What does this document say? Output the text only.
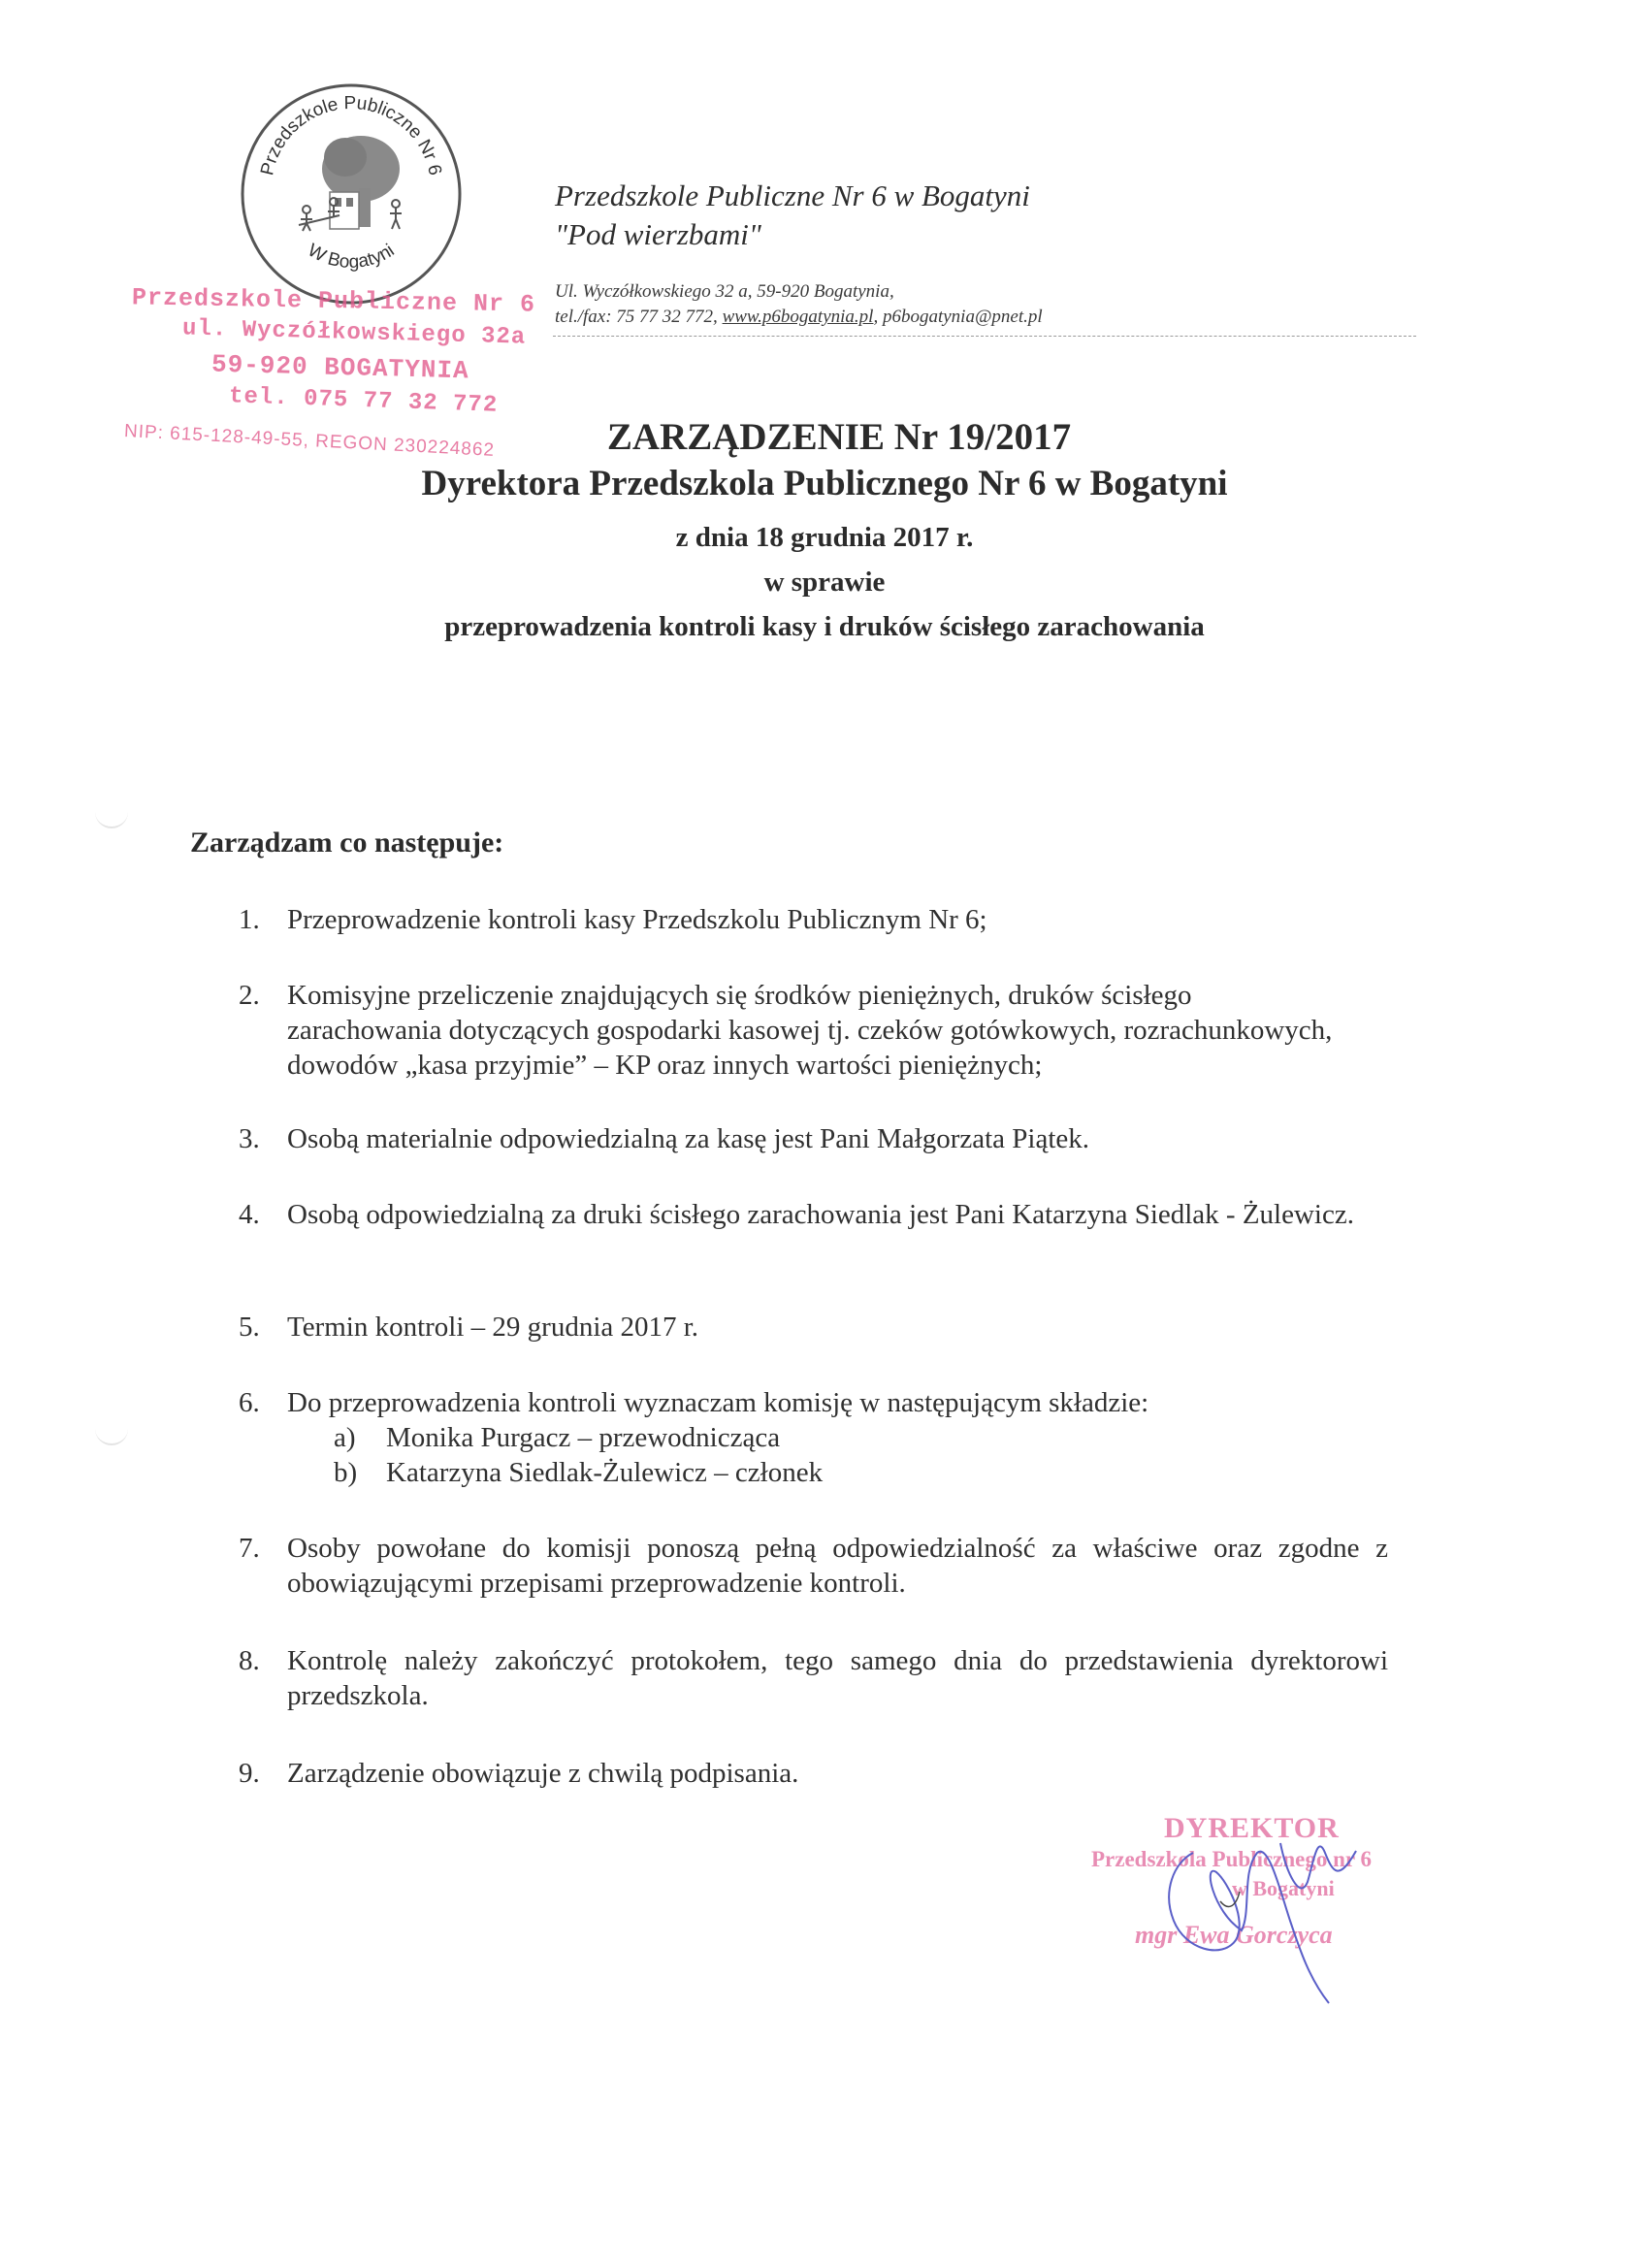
Przedszkole Publiczne Nr 6
W Bogatyni
Przedszkole Publiczne Nr 6 w Bogatyni
"Pod wierzbami"
Ul. Wyczółkowskiego 32 a, 59-920 Bogatynia,
tel./fax: 75 77 32 772, www.p6bogatynia.pl, p6bogatynia@pnet.pl
Przedszkole Publiczne Nr 6
ul. Wyczółkowskiego 32a
59-920 BOGATYNIA
tel. 075 77 32 772
NIP: 615-128-49-55, REGON 230224862	ZARZĄDZENIE Nr 19/2017
Dyrektora Przedszkola Publicznego Nr 6 w Bogatyni
z dnia 18 grudnia 2017 r.
w sprawie
przeprowadzenia kontroli kasy i druków ścisłego zarachowania
Zarządzam co następuje:
1. Przeprowadzenie kontroli kasy Przedszkolu Publicznym Nr 6;
2. Komisyjne przeliczenie znajdujących się środków pieniężnych, druków ścisłego zarachowania dotyczących gospodarki kasowej tj. czeków gotówkowych, rozrachunkowych, dowodów „kasa przyjmie” – KP oraz innych wartości pieniężnych;
3. Osobą materialnie odpowiedzialną za kasę jest Pani Małgorzata Piątek.
4. Osobą odpowiedzialną za druki ścisłego zarachowania jest Pani Katarzyna Siedlak - Żulewicz.
5. Termin kontroli – 29 grudnia 2017 r.
6. Do przeprowadzenia kontroli wyznaczam komisję w następującym składzie:
a)	Monika Purgacz – przewodnicząca
b)	Katarzyna Siedlak-Żulewicz – członek
7. Osoby powołane do komisji ponoszą pełną odpowiedzialność za właściwe oraz zgodne z obowiązującymi przepisami przeprowadzenie kontroli.
8. Kontrolę należy zakończyć protokołem, tego samego dnia do przedstawienia dyrektorowi przedszkola.
9. Zarządzenie obowiązuje z chwilą podpisania.
DYREKTOR
Przedszkola Publicznego nr 6
w Bogatyni
mgr Ewa Gorczyca
